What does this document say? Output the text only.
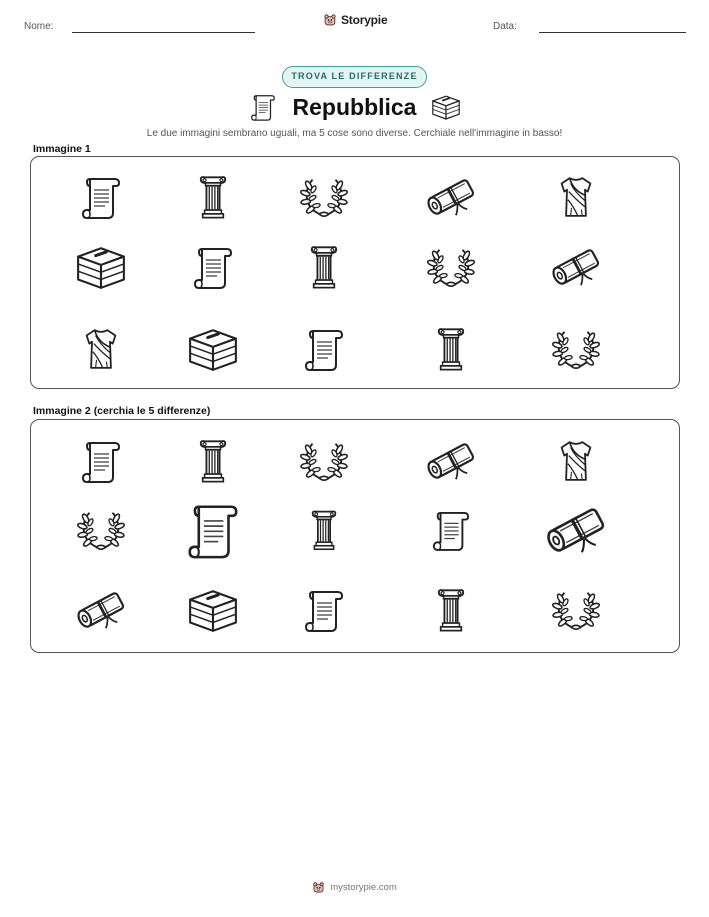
Nome:	Storypie	Data:
TROVA LE DIFFERENZE
Repubblica
Le due immagini sembrano uguali, ma 5 cose sono diverse. Cerchiale nell'immagine in basso!
Immagine 1
Immagine 2 (cerchia le 5 differenze)
mystorypie.com
